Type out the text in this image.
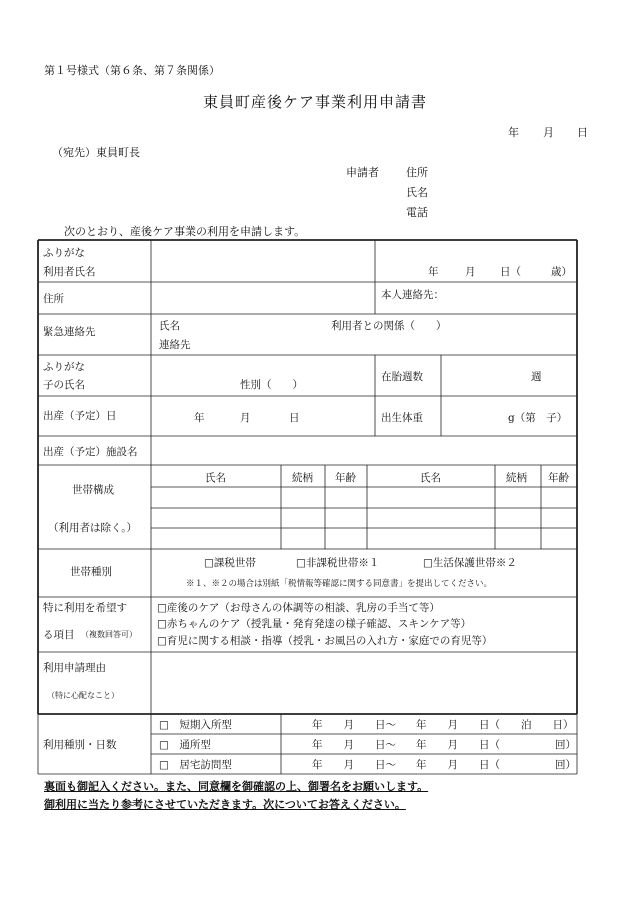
第１号様式（第６条、第７条関係）
東員町産後ケア事業利用申請書
年 月 日
（宛先）東員町長
申請者 住所
氏名
電話
次のとおり、産後ケア事業の利用を申請します。
ふりがな
利用者氏名	年	月 日（	歳）
住所	本人連絡先：
緊急連絡先	氏名	利用者との関係（　　）
連絡先
ふりがな
子の氏名	性別（　　）
在胎週数	週
出産（予定）日	年	月	日	出生体重	g（第　子）
出産（予定）施設名
世帯構成
（利用者は除く。）
氏名	続柄 年齢	氏名	続柄 年齢
世帯種別
□課税世帯	□非課税世帯※１	□生活保護世帯※２
※１、※２の場合は別紙「税情報等確認に関する同意書」を提出してください。
特に利用を希望す
る項目 （複数回答可）
□産後のケア（お母さんの体調等の相談、乳房の手当て等）
□赤ちゃんのケア（授乳量・発育発達の様子確認、スキンケア等）
□育児に関する相談・指導（授乳・お風呂の入れ方・家庭での育児等）
利用申請理由
（特に心配なこと）
利用種別・日数
□　短期入所型	年　　月　　日〜 年　　月　　日（ 泊　　日）
□　通所型	年　　月　　日〜 年　　月　　日（	回）
□　居宅訪問型	年　　月　　日〜 年　　月　　日（	回）
裏面も御記入ください。また、同意欄を御確認の上、御署名をお願いします。
御利用に当たり参考にさせていただきます。次についてお答えください。
